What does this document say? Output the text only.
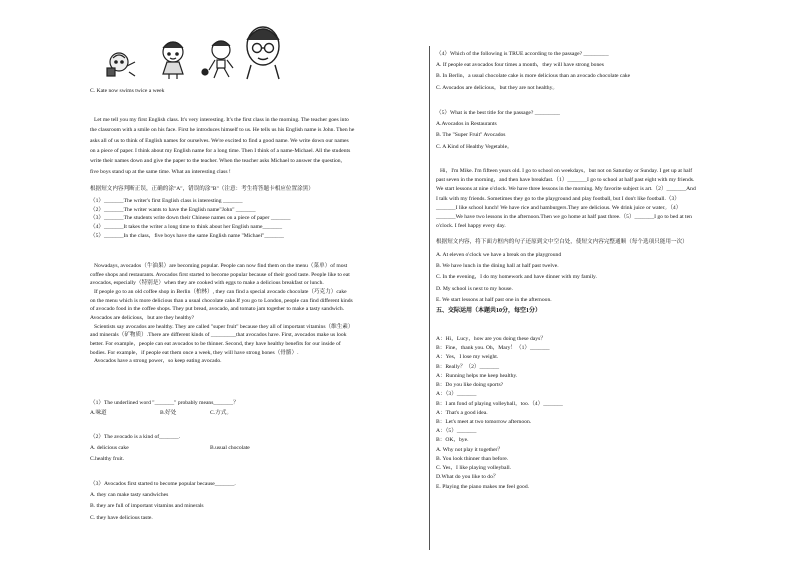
C. Kate now swims twice a week

Let me tell you my first English class. It's very interesting. It's the first class in the morning. The teacher goes into

the classroom with a smile on his face. First he introduces himself to us. He tells us his English name is John. Then he

asks all of us to think of English names for ourselves. We're excited to find a good name. We write down our names

on a piece of paper. I think about my English name for a long time. Then I think of a name-Michael. All the students

write their names down and give the paper to the teacher. When the teacher asks Michael to answer the question,

five boys stand up at the same time. What an interesting class !

根据短文内容判断正误，正确的涂"A"，错误的涂"B"（注意：考生将答题卡相应位置涂黑）

（1）_______The writer's first English class is interesting _______

（2）_______The writer wants to have the English name"John" _______

（3）_______The students write down their Chinese names on a piece of paper _______

（4）_______It takes the writer a long time to think about her English name_______

（5）_______In the class，five boys have the same English name "Michael"_______

Nowadays, avocados（牛油果）are becoming popular. People can now find them on the menu（菜单）of most

coffee shops and restaurants. Avocados first started to become popular because of their good taste. People like to eat

avocados, especially（特别是）when they are cooked with eggs to make a delicious breakfast or lunch.

If people go to an old coffee shop in Berlin（柏林）, they can find a special avocado chocolate（巧克力）cake

on the menu which is more delicious than a usual chocolate cake.If you go to London, people can find different kinds

of avocado food in the coffee shops. They put bread, avocado, and tomato jam together to make a tasty sandwich.

Avocados are delicious，but are they healthy?

Scientists say avocados are healthy. They are called "super fruit" because they all of important vitamins（维生素）

and minerals（矿物质）.There are different kinds of _________that avocados have. First, avocados make us look

better. For example，people can eat avocados to be thinner. Second, they have healthy benefits for our inside of

bodies. For example，if people eat them once a week, they will have strong bones（骨骼）.

Avocados have a strong power，so keep eating avocado.

（1）The underlined word "_______" probably means_______？

A.味道	B.好处	C.方式。

（2）The avocado is a kind of_______.

A. delicious cake	B.usual chocolate

C.healthy fruit.

（3）Avocados first started to become popular because_______.

A. they can make tasty sandwiches

B. they are full of important vitamins and minerals

C. they have delicious taste.

（4）Which of the following is TRUE according to the passage? _________

A. If people eat avocados four times a month，they will have strong bones

B. In Berlin，a usual chocolate cake is more delicious than an avocado chocolate cake

C. Avocados are delicious，but they are not healthy。

（5）What is the best title for the passage? _________

A.Avocados in Restaurants

B. The "Super Fruit" Avocados

C. A Kind of Healthy Vegetable。

Hi，I'm Mike. I'm fifteen years old. I go to school on weekdays，but not on Saturday or Sunday. I get up at half

past seven in the morning，and then have breakfast.（1）_______I go to school at half past eight with my friends.

We start lessons at nine o'clock. We have three lessons in the morning. My favorite subject is art.（2）_______And

I talk with my friends. Sometimes they go to the playground and play football, but I don't like football.（3）

_______I like school lunch! We have rice and hamburgers.They are delicious. We drink juice or water。（4）

_______We have two lessons in the afternoon.Then we go home at half past three.（5）_______I go to bed at ten

o'clock. I feel happy every day.

根据短文内容，将下面方框内的句子还原到文中空白处，使短文内容完整通顺（每个选项只能用一次）

A. At eleven o'clock we have a break on the playground

B. We have lunch in the dining hall at half past twelve.

C. In the evening，I do my homework and have dinner with my family.

D. My school is next to my house.

E. We start lessons at half past one in the afternoon.

五、交际运用（本题共10分，每空1分）

A：Hi，Lucy，how are you doing these days？

B：Fine，thank you. Oh，Mary！（1）_______

A：Yes，I lose my weight.

B：Really？（2）_______

A：Running helps me keep healthy.

B：Do you like doing sports?

A：（3）_______

B：I am fond of playing volleyball，too.（4）_______

A：That's a good idea.

B：Let's meet at two tomorrow afternoon.

A：（5）_______

B：OK，bye.

A. Why not play it together？

B. You look thinner than before.

C. Yes，I like playing volleyball.

D.What do you like to do？

E. Playing the piano makes me feel good.
